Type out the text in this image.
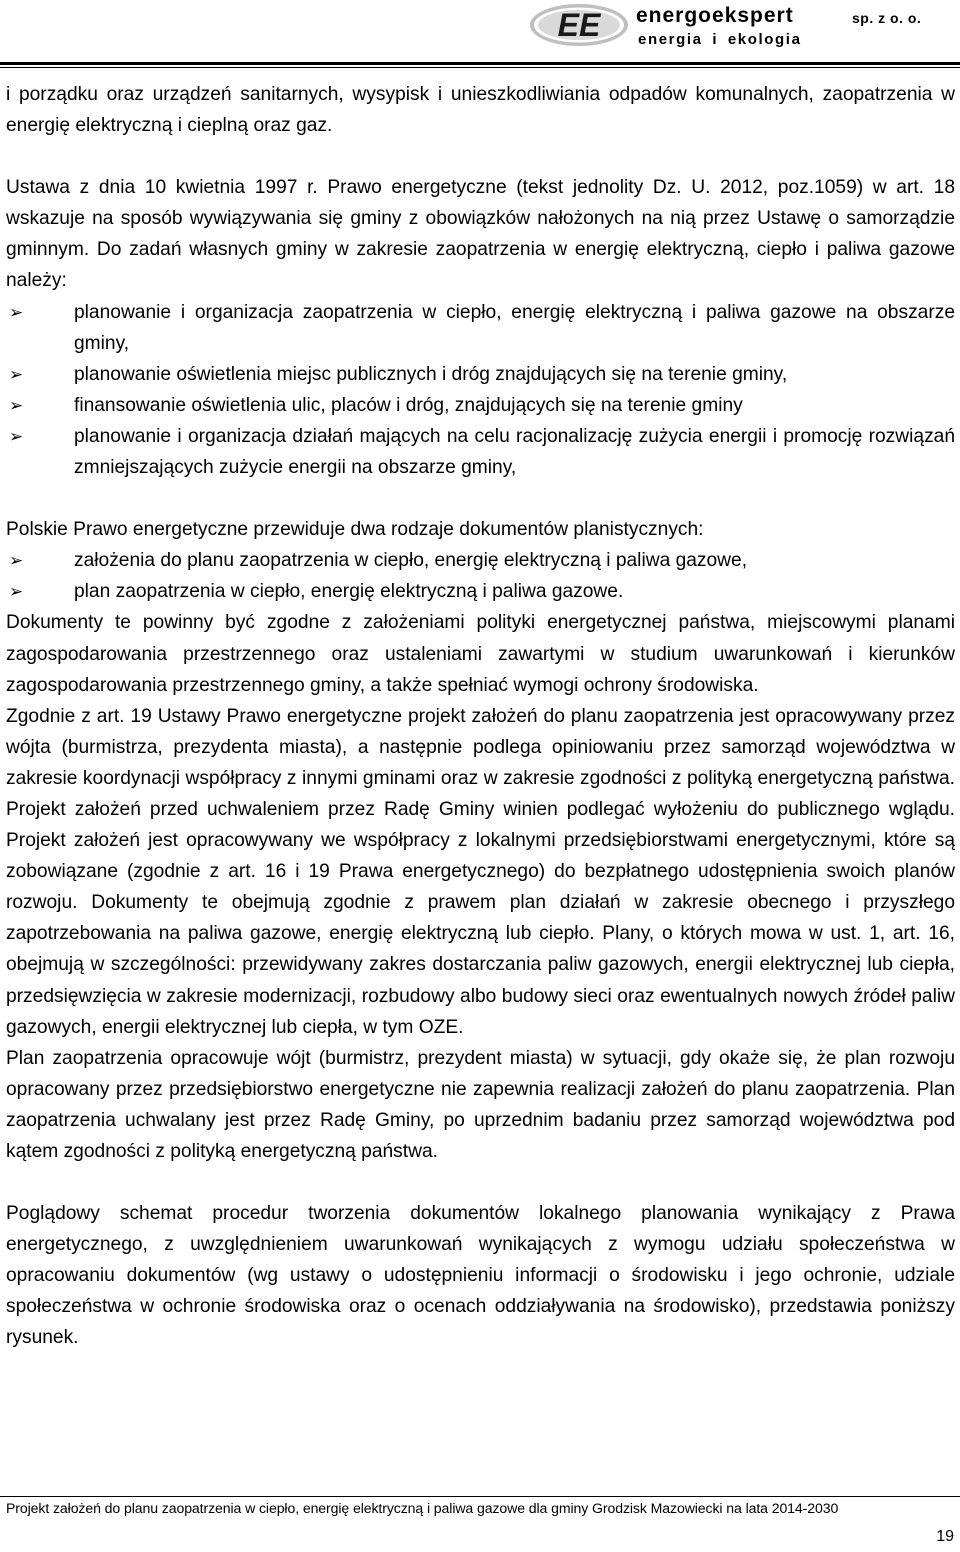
EE energoekspert	sp. z o. o.
energia i ekologia

i porządku oraz urządzeń sanitarnych, wysypisk i unieszkodliwiania odpadów komunalnych, zaopatrzenia w energię elektryczną i cieplną oraz gaz.

Ustawa z dnia 10 kwietnia 1997 r. Prawo energetyczne (tekst jednolity Dz. U. 2012, poz.1059) w art. 18 wskazuje na sposób wywiązywania się gminy z obowiązków nałożonych na nią przez Ustawę o samorządzie gminnym. Do zadań własnych gminy w zakresie zaopatrzenia w energię elektryczną, ciepło i paliwa gazowe należy:

➢	planowanie i organizacja zaopatrzenia w ciepło, energię elektryczną i paliwa gazowe na obszarze gminy,
➢	planowanie oświetlenia miejsc publicznych i dróg znajdujących się na terenie gminy,
➢	finansowanie oświetlenia ulic, placów i dróg, znajdujących się na terenie gminy
➢	planowanie i organizacja działań mających na celu racjonalizację zużycia energii i promocję rozwiązań zmniejszających zużycie energii na obszarze gminy,

Polskie Prawo energetyczne przewiduje dwa rodzaje dokumentów planistycznych:

➢	założenia do planu zaopatrzenia w ciepło, energię elektryczną i paliwa gazowe,
➢	plan zaopatrzenia w ciepło, energię elektryczną i paliwa gazowe.

Dokumenty te powinny być zgodne z założeniami polityki energetycznej państwa, miejscowymi planami zagospodarowania przestrzennego oraz ustaleniami zawartymi w studium uwarunkowań i kierunków zagospodarowania przestrzennego gminy, a także spełniać wymogi ochrony środowiska.

Zgodnie z art. 19 Ustawy Prawo energetyczne projekt założeń do planu zaopatrzenia jest opracowywany przez wójta (burmistrza, prezydenta miasta), a następnie podlega opiniowaniu przez samorząd województwa w zakresie koordynacji współpracy z innymi gminami oraz w zakresie zgodności z polityką energetyczną państwa. Projekt założeń przed uchwaleniem przez Radę Gminy winien podlegać wyłożeniu do publicznego wglądu. Projekt założeń jest opracowywany we współpracy z lokalnymi przedsiębiorstwami energetycznymi, które są zobowiązane (zgodnie z art. 16 i 19 Prawa energetycznego) do bezpłatnego udostępnienia swoich planów rozwoju. Dokumenty te obejmują zgodnie z prawem plan działań w zakresie obecnego i przyszłego zapotrzebowania na paliwa gazowe, energię elektryczną lub ciepło. Plany, o których mowa w ust. 1, art. 16, obejmują w szczególności: przewidywany zakres dostarczania paliw gazowych, energii elektrycznej lub ciepła, przedsięwzięcia w zakresie modernizacji, rozbudowy albo budowy sieci oraz ewentualnych nowych źródeł paliw gazowych, energii elektrycznej lub ciepła, w tym OZE.

Plan zaopatrzenia opracowuje wójt (burmistrz, prezydent miasta) w sytuacji, gdy okaże się, że plan rozwoju opracowany przez przedsiębiorstwo energetyczne nie zapewnia realizacji założeń do planu zaopatrzenia. Plan zaopatrzenia uchwalany jest przez Radę Gminy, po uprzednim badaniu przez samorząd województwa pod kątem zgodności z polityką energetyczną państwa.

Poglądowy schemat procedur tworzenia dokumentów lokalnego planowania wynikający z Prawa energetycznego, z uwzględnieniem uwarunkowań wynikających z wymogu udziału społeczeństwa w opracowaniu dokumentów (wg ustawy o udostępnieniu informacji o środowisku i jego ochronie, udziale społeczeństwa w ochronie środowiska oraz o ocenach oddziaływania na środowisko), przedstawia poniższy rysunek.

Projekt założeń do planu zaopatrzenia w ciepło, energię elektryczną i paliwa gazowe dla gminy Grodzisk Mazowiecki na lata 2014-2030
19
